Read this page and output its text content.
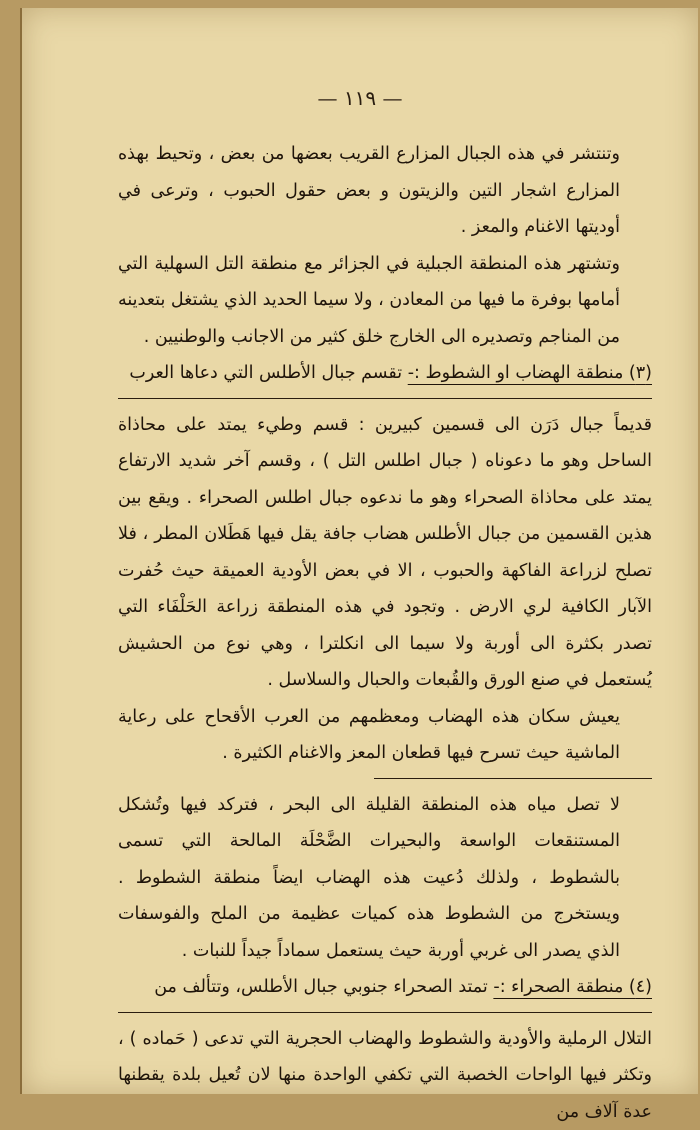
— ١١٩ —

وتنتشر في هذه الجبال المزارع القريب بعضها من بعض ، وتحيط بهذه المزارع اشجار التين والزيتون و بعض حقول الحبوب ، وترعى في أوديتها الاغنام والمعز .

وتشتهر هذه المنطقة الجبلية في الجزائر مع منطقة التل السهلية التي أمامها بوفرة ما فيها من المعادن ، ولا سيما الحديد الذي يشتغل بتعدينه من المناجم وتصديره الى الخارج خلق كثير من الاجانب والوطنيين .

(٣) منطقة الهضاب او الشطوط :- تقسم جبال الأطلس التي دعاها العرب

قديماً جبال دَرَن الى قسمين كبيرين : قسم وطيء يمتد على محاذاة الساحل وهو ما دعوناه ( جبال اطلس التل ) ، وقسم آخر شديد الارتفاع يمتد على محاذاة الصحراء وهو ما ندعوه جبال اطلس الصحراء . ويقع بين هذين القسمين من جبال الأطلس هضاب جافة يقل فيها هَطَلان المطر ، فلا تصلح لزراعة الفاكهة والحبوب ، الا في بعض الأودية العميقة حيث حُفرت الآبار الكافية لري الارض . وتجود في هذه المنطقة زراعة الحَلْفَاء التي تصدر بكثرة الى أوربة ولا سيما الى انكلترا ، وهي نوع من الحشيش يُستعمل في صنع الورق والقُبعات والحبال والسلاسل .

يعيش سكان هذه الهضاب ومعظمهم من العرب الأقحاح على رعاية الماشية حيث تسرح فيها قطعان المعز والاغنام الكثيرة .

لا تصل مياه هذه المنطقة القليلة الى البحر ، فتركد فيها وتُشكل المستنقعات الواسعة والبحيرات الضَّحْلَة المالحة التي تسمى بالشطوط ، ولذلك دُعيت هذه الهضاب ايضاً منطقة الشطوط . ويستخرج من الشطوط هذه كميات عظيمة من الملح والفوسفات الذي يصدر الى غربي أوربة حيث يستعمل سماداً جيداً للنبات .

(٤) منطقة الصحراء :- تمتد الصحراء جنوبي جبال الأطلس، وتتألف من

التلال الرملية والأودية والشطوط والهضاب الحجرية التي تدعى ( حَماده ) ، وتكثر فيها الواحات الخصبة التي تكفي الواحدة منها لان تُعيل بلدة يقطنها عدة آلاف من
